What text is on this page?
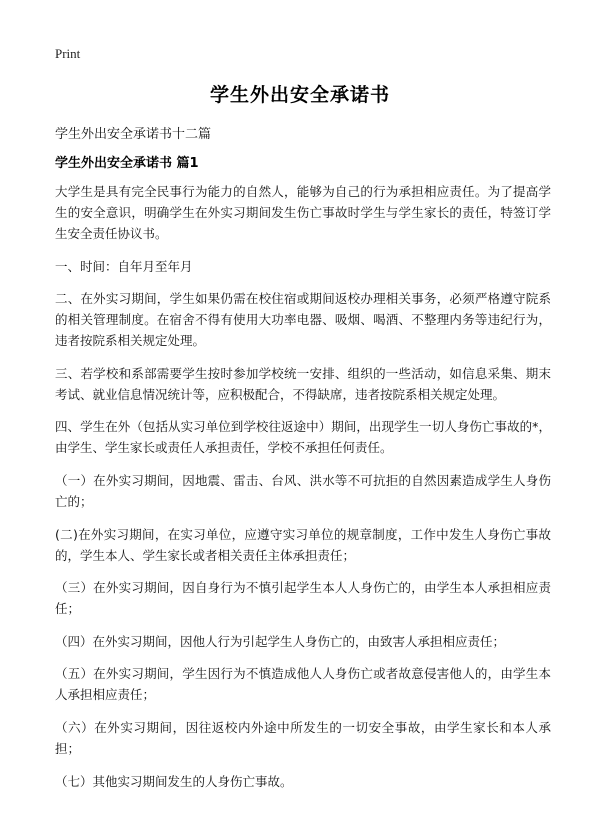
Print
学生外出安全承诺书
学生外出安全承诺书十二篇
学生外出安全承诺书 篇1

大学生是具有完全民事行为能力的自然人，能够为自己的行为承担相应责任。为了提高学生的安全意识，明确学生在外实习期间发生伤亡事故时学生与学生家长的责任，特签订学生安全责任协议书。

一、时间：自年月至年月

二、在外实习期间，学生如果仍需在校住宿或期间返校办理相关事务，必须严格遵守院系的相关管理制度。在宿舍不得有使用大功率电器、吸烟、喝酒、不整理内务等违纪行为，违者按院系相关规定处理。

三、若学校和系部需要学生按时参加学校统一安排、组织的一些活动，如信息采集、期末考试、就业信息情况统计等，应积极配合，不得缺席，违者按院系相关规定处理。

四、学生在外（包括从实习单位到学校往返途中）期间，出现学生一切人身伤亡事故的*，由学生、学生家长或责任人承担责任，学校不承担任何责任。

（一）在外实习期间，因地震、雷击、台风、洪水等不可抗拒的自然因素造成学生人身伤亡的；

(二)在外实习期间，在实习单位，应遵守实习单位的规章制度，工作中发生人身伤亡事故的，学生本人、学生家长或者相关责任主体承担责任；

（三）在外实习期间，因自身行为不慎引起学生本人人身伤亡的，由学生本人承担相应责任；

（四）在外实习期间，因他人行为引起学生人身伤亡的，由致害人承担相应责任；

（五）在外实习期间，学生因行为不慎造成他人人身伤亡或者故意侵害他人的，由学生本人承担相应责任；

（六）在外实习期间，因往返校内外途中所发生的一切安全事故，由学生家长和本人承担；

（七）其他实习期间发生的人身伤亡事故。
